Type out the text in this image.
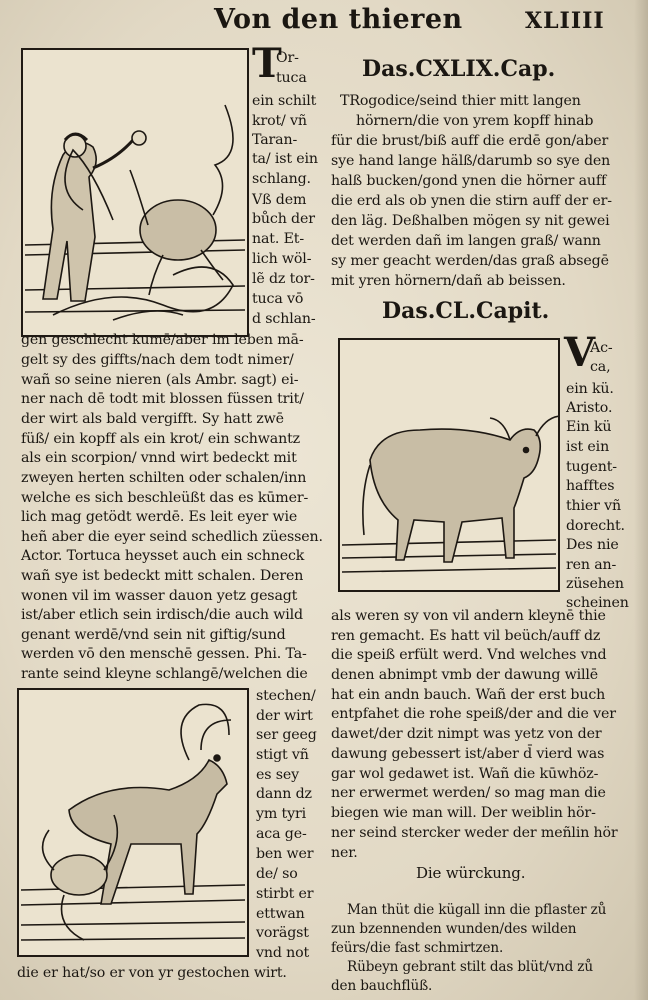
Von den thieren	XLIIII
T
Or-
tuca
ein schilt
krot/ vñ
Taran-
ta/ ist ein
schlang.
Vß dem
bůch der
nat. Et-
lich wöl-
lẽ dz tor-
tuca vō
d schlan-
gen geschlecht kumē/aber im leben mā-
gelt sy des giffts/nach dem todt nimer/
wañ so seine nieren (als Ambr. sagt) ei-
ner nach dē todt mit blossen füssen trit/
der wirt als bald vergifft. Sy hatt zwē
füß/ ein kopff als ein krot/ ein schwantz
als ein scorpion/ vnnd wirt bedeckt mit
zweyen herten schilten oder schalen/inn
welche es sich beschleüßt das es kūmer-
lich mag getödt werdē. Es leit eyer wie
heñ aber die eyer seind schedlich züessen.
Actor. Tortuca heysset auch ein schneck
wañ sye ist bedeckt mitt schalen. Deren
wonen vil im wasser dauon yetz gesagt
ist/aber etlich sein irdisch/die auch wild
genant werdē/vnd sein nit giftig/sund
werden vō den menschē gessen. Phi. Ta-
rante seind kleyne schlangē/welchen die
stechen/
der wirt
ser geeg
stigt vñ
es sey
dann dz
ym tyri
aca ge-
ben wer
de/ so
stirbt er
ettwan
vorägst
vnd not
die er hat/so er von yr gestochen wirt.
Das.CXLIX.Cap.
TRogodice/seind thier mitt langen
hörnern/die von yrem kopff hinab
für die brust/biß auff die erdē gon/aber
sye hand lange hälß/darumb so sye den
halß bucken/gond ynen die hörner auff
die erd als ob ynen die stirn auff der er-
den läg. Deßhalben mögen sy nit gewei
det werden dañ im langen graß/ wann
sy mer geacht werden/das graß absegē
mit yren hörnern/dañ ab beissen.
Das.CL.Capit.
V
Ac-
ca,
ein kü.
Aristo.
Ein kü
ist ein
tugent-
hafftes
thier vñ
dorecht.
Des nie
ren an-
züsehen
scheinen
als weren sy von vil andern kleynē thie
ren gemacht. Es hatt vil beüch/auff dz
die speiß erfült werd. Vnd welches vnd
denen abnimpt vmb der dawung willē
hat ein andn bauch. Wañ der erst buch
entpfahet die rohe speiß/der and die ver
dawet/der dzit nimpt was yetz von der
dawung gebessert ist/aber d̄ vierd was
gar wol gedawet ist. Wañ die kūwhöz-
ner erwermet werden/ so mag man die
biegen wie man will. Der weiblin hör-
ner seind stercker weder der meñlin hör
ner.
Die würckung.
Man thüt die kügall inn die pflaster zů
zun bzennenden wunden/des wilden
feürs/die fast schmirtzen.
Rübeyn gebrant stilt das blüt/vnd zů
den bauchflüß.
